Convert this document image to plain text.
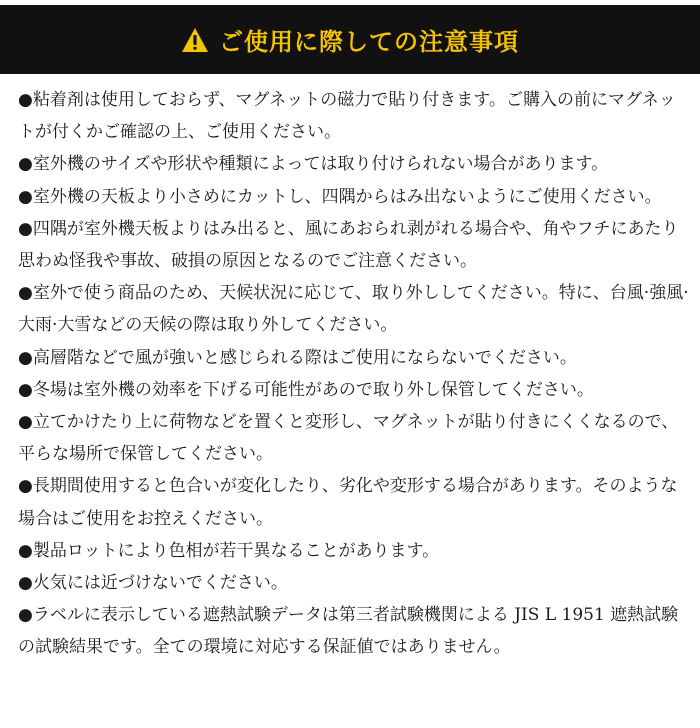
ご使用に際しての注意事項
●粘着剤は使用しておらず、マグネットの磁力で貼り付きます。ご購入の前にマグネットが付くかご確認の上、ご使用ください。
●室外機のサイズや形状や種類によっては取り付けられない場合があります。
●室外機の天板より小さめにカットし、四隅からはみ出ないようにご使用ください。
●四隅が室外機天板よりはみ出ると、風にあおられ剥がれる場合や、角やフチにあたり思わぬ怪我や事故、破損の原因となるのでご注意ください。
●室外で使う商品のため、天候状況に応じて、取り外ししてください。特に、台風·強風·大雨·大雪などの天候の際は取り外してください。
●高層階などで風が強いと感じられる際はご使用にならないでください。
●冬場は室外機の効率を下げる可能性があので取り外し保管してください。
●立てかけたり上に荷物などを置くと変形し、マグネットが貼り付きにくくなるので、平らな場所で保管してください。
●長期間使用すると色合いが変化したり、劣化や変形する場合があります。そのような場合はご使用をお控えください。
●製品ロットにより色相が若干異なることがあります。
●火気には近づけないでください。
●ラベルに表示している遮熱試験データは第三者試験機関による JIS L 1951 遮熱試験の試験結果です。全ての環境に対応する保証値ではありません。
